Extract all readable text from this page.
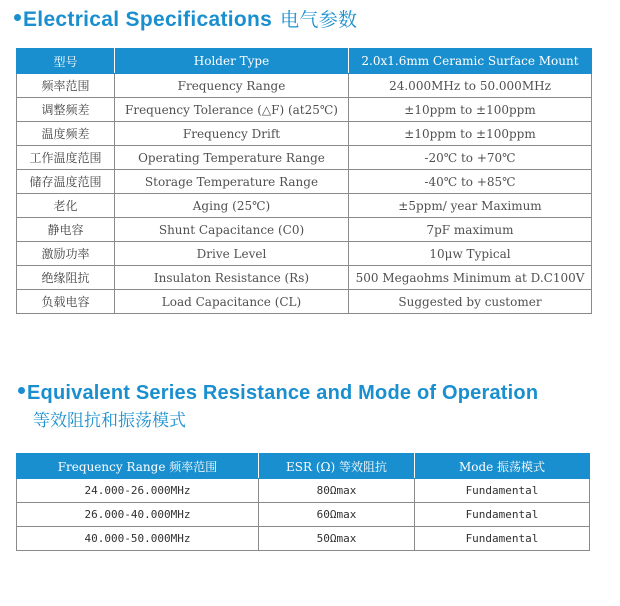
Electrical Specifications 电气参数
型号	Holder Type	2.0x1.6mm Ceramic Surface Mount
频率范围	Frequency Range	24.000MHz to 50.000MHz
调整频差	Frequency Tolerance (△F) (at25℃)	±10ppm to ±100ppm
温度频差	Frequency Drift	±10ppm to ±100ppm
工作温度范围	Operating Temperature Range	-20℃ to +70℃
储存温度范围	Storage Temperature Range	-40℃ to +85℃
老化	Aging (25℃)	±5ppm/ year Maximum
静电容	Shunt Capacitance (C0)	7pF maximum
激励功率	Drive Level	10μw Typical
绝缘阻抗	Insulaton Resistance (Rs)	500 Megaohms Minimum at D.C100V
负载电容	Load Capacitance (CL)	Suggested by customer
Equivalent Series Resistance and Mode of Operation
等效阻抗和振荡模式
Frequency Range 频率范围	ESR (Ω) 等效阻抗	Mode 振荡模式
24.000-26.000MHz	80Ωmax	Fundamental
26.000-40.000MHz	60Ωmax	Fundamental
40.000-50.000MHz	50Ωmax	Fundamental
